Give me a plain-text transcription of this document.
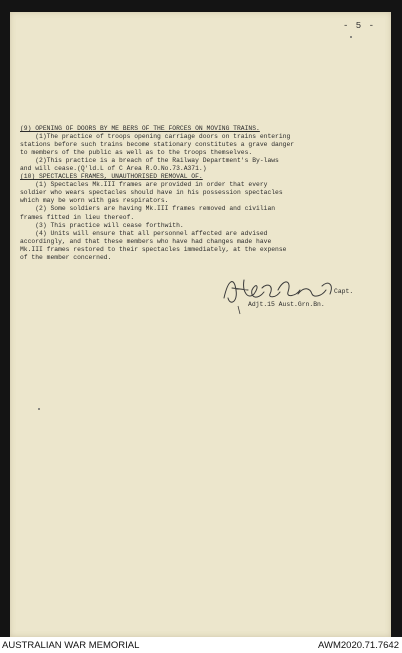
- 5 -
(9) OPENING OF DOORS BY ME BERS OF THE FORCES ON MOVING TRAINS.
(1)The practice of troops opening carriage doors on trains entering
stations before such trains become stationary constitutes a grave danger
to members of the public as well as to the troops themselves.
(2)This practice is a breach of the Railway Department's By-laws
and will cease.(Q'ld.L of C Area R.O.No.73.A371.)
(10) SPECTACLES FRAMES, UNAUTHORISED REMOVAL OF.
(1) Spectacles Mk.III frames are provided in order that every
soldier who wears spectacles should have in his possession spectacles
which may be worn with gas respirators.
(2) Some soldiers are having Mk.III frames removed and civilian
frames fitted in lieu thereof.
(3) This practice will cease forthwith.
(4) Units will ensure that all personnel affected are advised
accordingly, and that these members who have had changes made have
Mk.III frames restored to their spectacles immediately, at the expense
of the member concerned.
Capt.
Adjt.15 Aust.Grn.Bn.
AUSTRALIAN WAR MEMORIAL	AWM2020.71.7642
